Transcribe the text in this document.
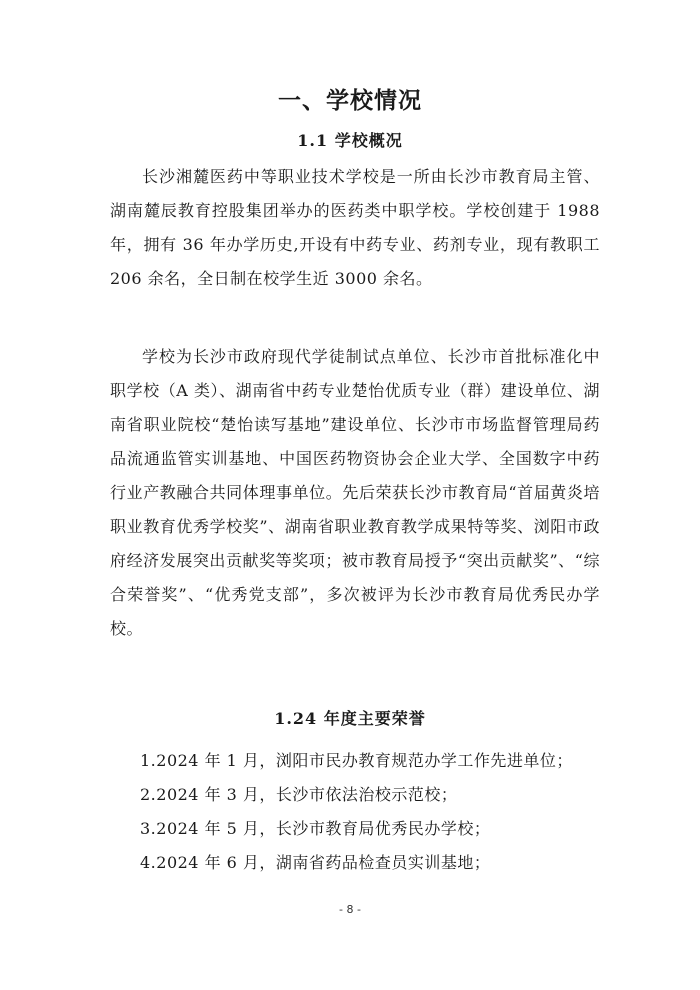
一、学校情况
1.1 学校概况

长沙湘麓医药中等职业技术学校是一所由长沙市教育局主管、湖南麓辰教育控股集团举办的医药类中职学校。学校创建于 1988 年，拥有 36 年办学历史,开设有中药专业、药剂专业，现有教职工 206 余名，全日制在校学生近 3000 余名。

学校为长沙市政府现代学徒制试点单位、长沙市首批标准化中职学校（A 类）、湖南省中药专业楚怡优质专业（群）建设单位、湖南省职业院校“楚怡读写基地”建设单位、长沙市市场监督管理局药品流通监管实训基地、中国医药物资协会企业大学、全国数字中药行业产教融合共同体理事单位。先后荣获长沙市教育局“首届黄炎培职业教育优秀学校奖”、湖南省职业教育教学成果特等奖、浏阳市政府经济发展突出贡献奖等奖项；被市教育局授予“突出贡献奖”、“综合荣誉奖”、“优秀党支部”，多次被评为长沙市教育局优秀民办学校。

1.24 年度主要荣誉
1.2024 年 1 月，浏阳市民办教育规范办学工作先进单位；
2.2024 年 3 月，长沙市依法治校示范校；
3.2024 年 5 月，长沙市教育局优秀民办学校；
4.2024 年 6 月，湖南省药品检查员实训基地；
- 8 -
